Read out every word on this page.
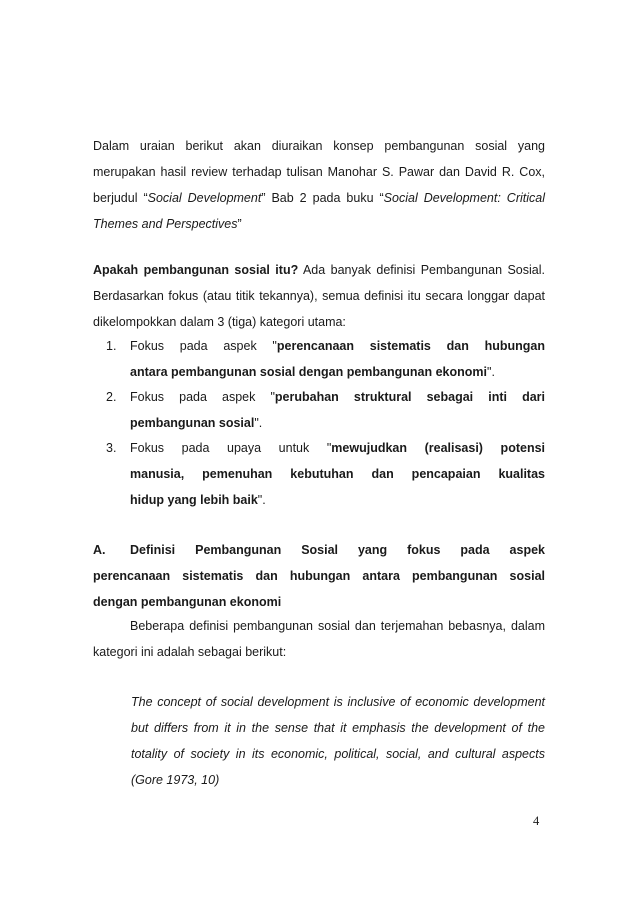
Dalam uraian berikut akan diuraikan konsep pembangunan sosial yang
merupakan hasil review terhadap tulisan Manohar S. Pawar dan David R. Cox,
berjudul “Social Development” Bab 2 pada buku “Social Development: Critical
Themes and Perspectives”
Apakah pembangunan sosial itu? Ada banyak definisi Pembangunan Sosial.
Berdasarkan fokus (atau titik tekannya), semua definisi itu secara longgar dapat
dikelompokkan dalam 3 (tiga) kategori utama:
1. Fokus pada aspek "perencanaan sistematis dan hubungan
antara pembangunan sosial dengan pembangunan ekonomi".
2. Fokus pada aspek "perubahan struktural sebagai inti dari
pembangunan sosial".
3. Fokus pada upaya untuk "mewujudkan (realisasi) potensi
manusia, pemenuhan kebutuhan dan pencapaian kualitas
hidup yang lebih baik".
A.	Definisi Pembangunan Sosial yang fokus pada aspek
perencanaan sistematis dan hubungan antara pembangunan sosial
dengan pembangunan ekonomi
Beberapa definisi pembangunan sosial dan terjemahan bebasnya, dalam
kategori ini adalah sebagai berikut:
The concept of social development is inclusive of economic development
but differs from it in the sense that it emphasis the development of the
totality of society in its economic, political, social, and cultural aspects
(Gore 1973, 10)
4
